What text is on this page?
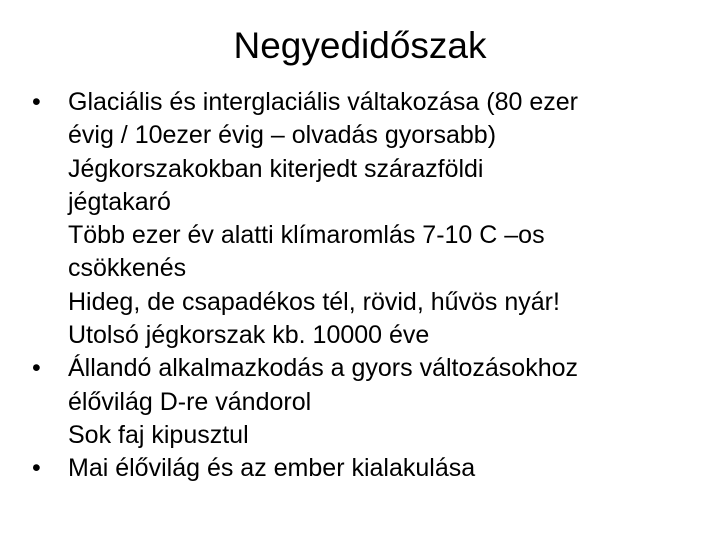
Negyedidőszak
• Glaciális és interglaciális váltakozása (80 ezer
évig / 10ezer évig – olvadás gyorsabb)
Jégkorszakokban kiterjedt szárazföldi
jégtakaró
Több ezer év alatti klímaromlás 7-10 C –os
csökkenés
Hideg, de csapadékos tél, rövid, hűvös nyár!
Utolsó jégkorszak kb. 10000 éve
• Állandó alkalmazkodás a gyors változásokhoz
élővilág D-re vándorol
Sok faj kipusztul
• Mai élővilág és az ember kialakulása
